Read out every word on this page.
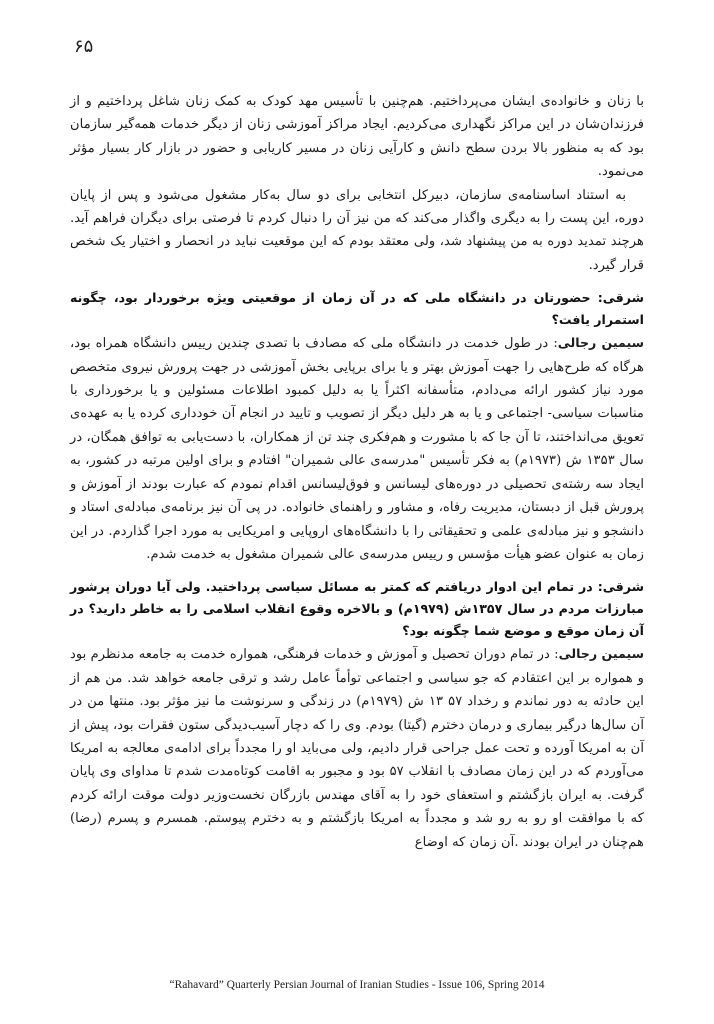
۶۵

با زنان و خانواده‌ی ایشان می‌پرداختیم. هم‌چنین با تأسیس مهد کودک به کمک زنان شاغل پرداختیم و از فرزندان‌شان در این مراکز نگهداری می‌کردیم. ایجاد مراکز آموزشی زنان از دیگر خدمات همه‌گیر سازمان بود که به منظور بالا بردن سطح دانش و کارآیی زنان در مسیر کاریابی و حضور در بازار کار بسیار مؤثر می‌نمود.

به استناد اساسنامه‌ی سازمان، دبیرکل انتخابی برای دو سال به‌کار مشغول می‌شود و پس از پایان دوره، این پست را به دیگری واگذار می‌کند که من نیز آن را دنبال کردم تا فرصتی برای دیگران فراهم آید. هرچند تمدید دوره به من پیشنهاد شد، ولی معتقد بودم که این موقعیت نباید در انحصار و اختیار یک شخص قرار گیرد.

شرقی: حضورتان در دانشگاه ملی که در آن زمان از موقعیتی ویژه برخوردار بود، چگونه استمرار یافت؟

سیمین رجالی: در طول خدمت در دانشگاه ملی که مصادف با تصدی چندین رییس دانشگاه همراه بود، هرگاه که طرح‌هایی را جهت آموزش بهتر و یا برای برپایی بخش آموزشی در جهت پرورش نیروی متخصص مورد نیاز کشور ارائه می‌دادم، متأسفانه اکثراً یا به دلیل کمبود اطلاعات مسئولین و یا برخورداری با مناسبات سیاسی- اجتماعی و یا به هر دلیل دیگر از تصویب و تایید در انجام آن خودداری کرده یا به عهده‌ی تعویق می‌انداختند، تا آن جا که با مشورت و هم‌فکری چند تن از همکاران، با دست‌یابی به توافق همگان، در سال ۱۳۵۳ ش (۱۹۷۳م) به فکر تأسیس "مدرسه‌ی عالی شمیران" افتادم و برای اولین مرتبه در کشور، به ایجاد سه رشته‌ی تحصیلی در دوره‌های لیسانس و فوق‌لیسانس اقدام نمودم که عبارت بودند از آموزش و پرورش قبل از دبستان، مدیریت رفاه، و مشاور و راهنمای خانواده. در پی آن نیز برنامه‌ی مبادله‌ی استاد و دانشجو و نیز مبادله‌ی علمی و تحقیقاتی را با دانشگاه‌های اروپایی و امریکایی به مورد اجرا گذاردم. در این زمان به عنوان عضو هیأت مؤسس و رییس مدرسه‌ی عالی شمیران مشغول به خدمت شدم.

شرقی: در تمام این ادوار دریافتم که کمتر به مسائل سیاسی پرداختید. ولی آیا دوران پرشور مبارزات مردم در سال ۱۳۵۷ش (۱۹۷۹م) و بالاخره وقوع انقلاب اسلامی را به خاطر دارید؟ در آن زمان موقع و موضع شما چگونه بود؟

سیمین رجالی: در تمام دوران تحصیل و آموزش و خدمات فرهنگی، همواره خدمت به جامعه مدنظرم بود و همواره بر این اعتقادم که جو سیاسی و اجتماعی توأماً عامل رشد و ترقی جامعه خواهد شد. من هم از این حادثه به دور نماندم و رخداد ۵۷ ۱۳ ش (۱۹۷۹م) در زندگی و سرنوشت ما نیز مؤثر بود. منتها من در آن سال‌ها درگیر بیماری و درمان دخترم (گیتا) بودم. وی را که دچار آسیب‌دیدگی ستون فقرات بود، پیش از آن به امریکا آورده و تحت عمل جراحی قرار دادیم، ولی می‌باید او را مجدداً برای ادامه‌ی معالجه به امریکا می‌آوردم که در این زمان مصادف با انقلاب ۵۷ بود و مجبور به اقامت کوتاه‌مدت شدم تا مداوای وی پایان گرفت. به ایران بازگشتم و استعفای خود را به آقای مهندس بازرگان نخست‌وزیر دولت موقت ارائه کردم که با موافقت او رو به رو شد و مجدداً به امریکا بازگشتم و به دخترم پیوستم. همسرم و پسرم (رضا) هم‌چنان در ایران بودند .آن زمان که اوضاع

“Rahavard” Quarterly Persian Journal of Iranian Studies - Issue 106, Spring 2014
